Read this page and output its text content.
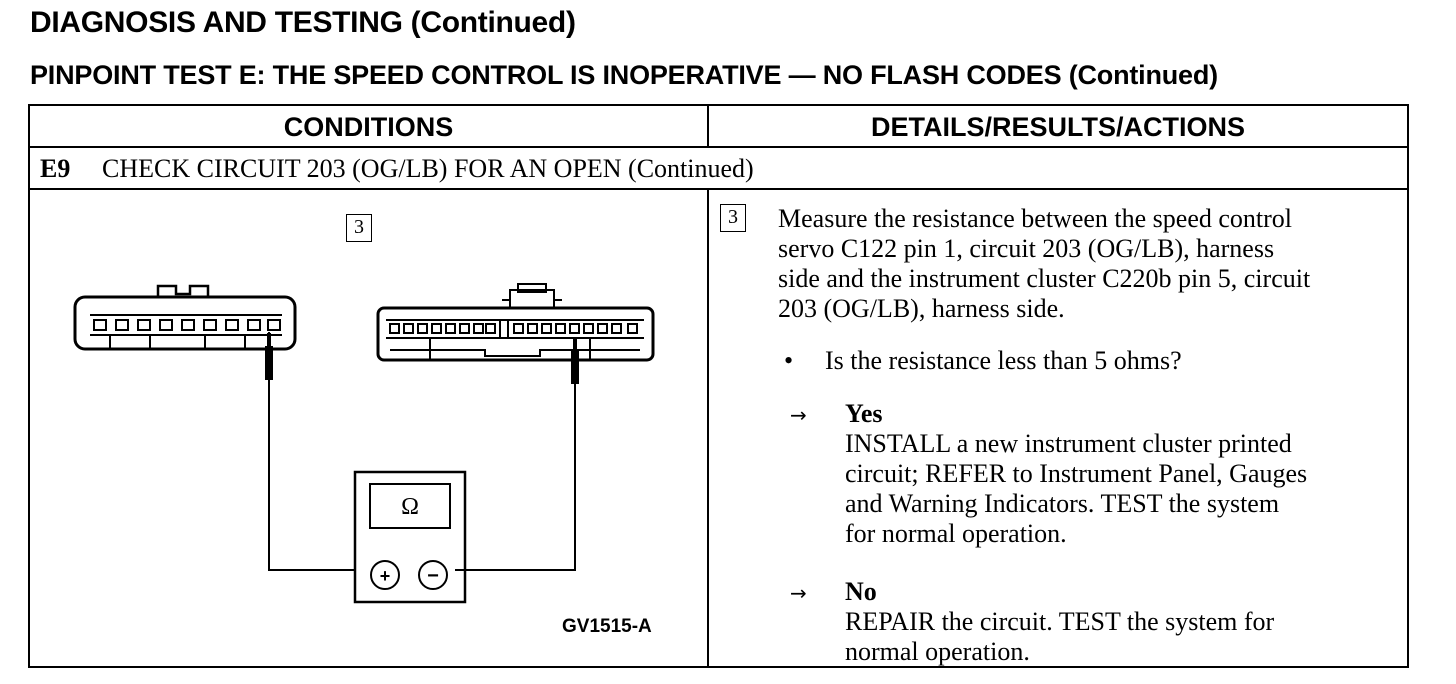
DIAGNOSIS AND TESTING (Continued)
PINPOINT TEST E: THE SPEED CONTROL IS INOPERATIVE — NO FLASH CODES (Continued)
CONDITIONS	DETAILS/RESULTS/ACTIONS
E9 CHECK CIRCUIT 203 (OG/LB) FOR AN OPEN (Continued)
3
Ω
+ −
GV1515-A
3	Measure the resistance between the speed control
servo C122 pin 1, circuit 203 (OG/LB), harness
side and the instrument cluster C220b pin 5, circuit
203 (OG/LB), harness side.
• Is the resistance less than 5 ohms?
→ Yes
INSTALL a new instrument cluster printed
circuit; REFER to Instrument Panel, Gauges
and Warning Indicators. TEST the system
for normal operation.
→ No
REPAIR the circuit. TEST the system for
normal operation.
